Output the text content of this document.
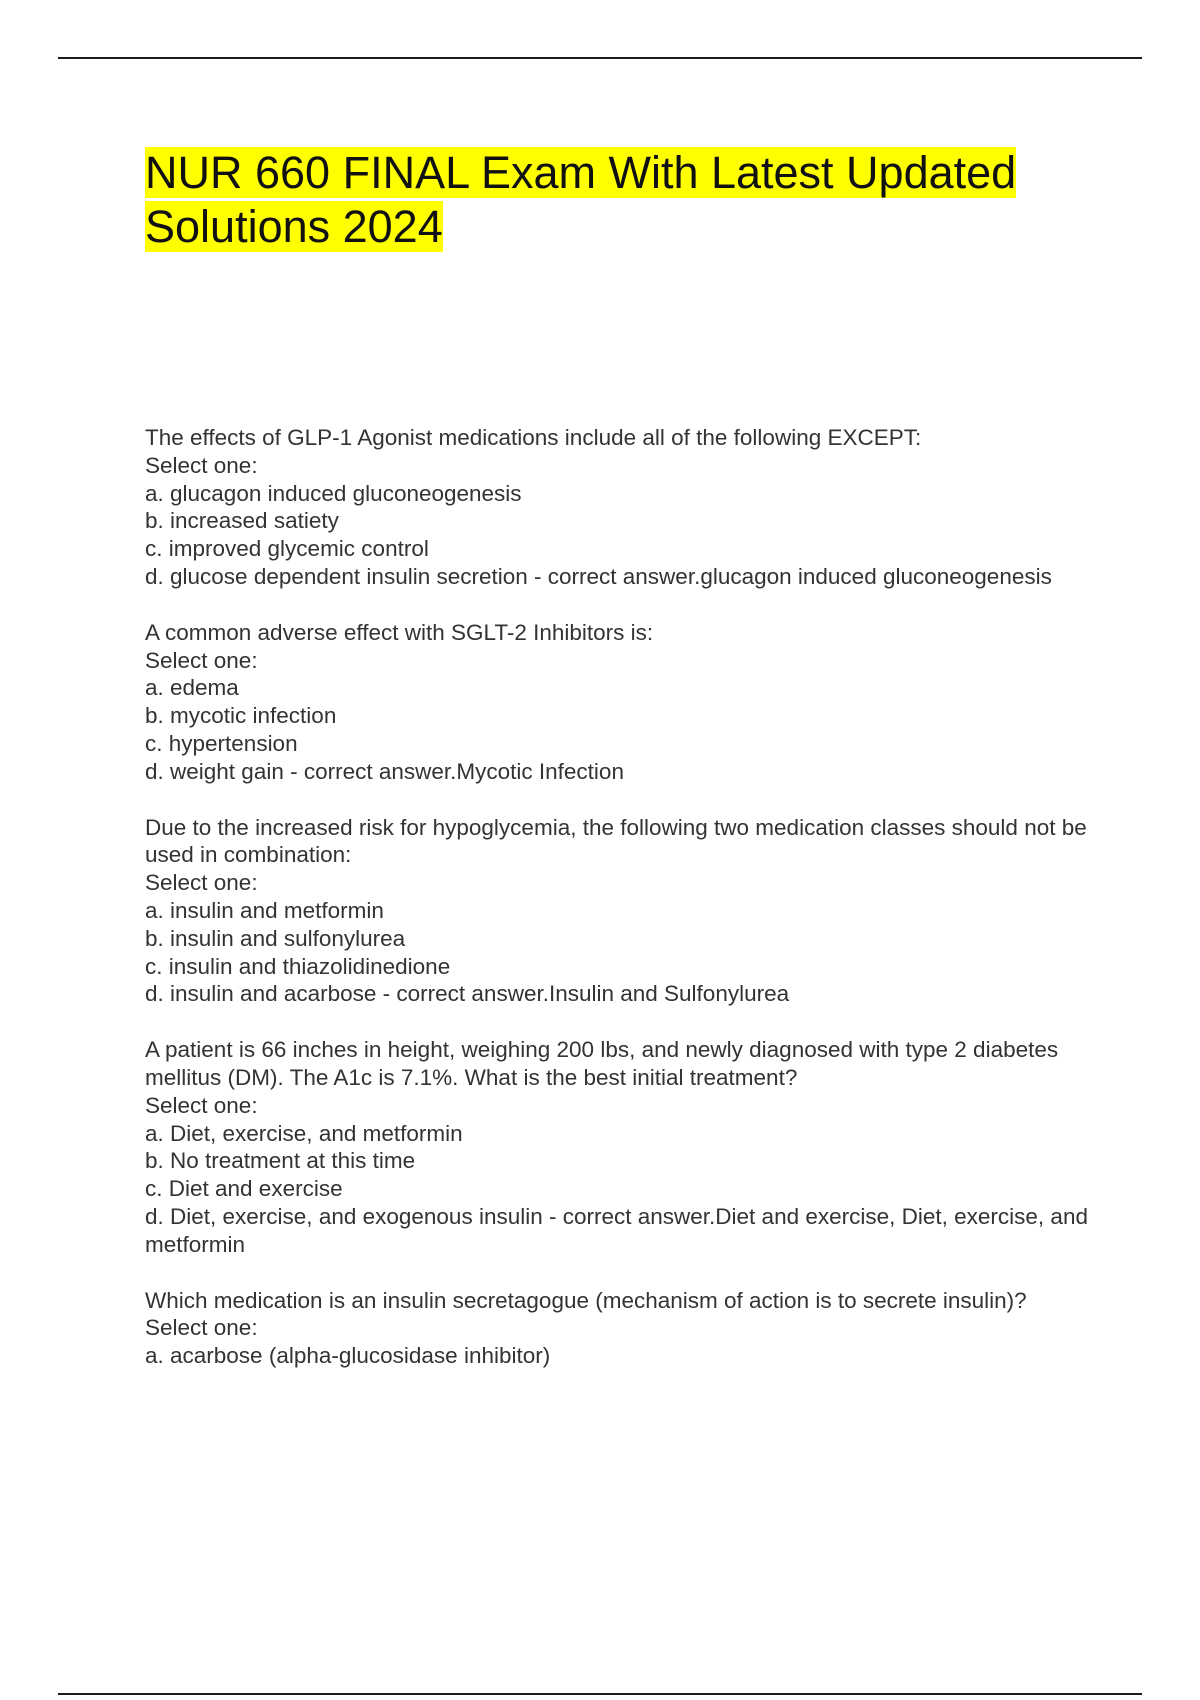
NUR 660 FINAL Exam With Latest Updated Solutions 2024
The effects of GLP-1 Agonist medications include all of the following EXCEPT:
Select one:
a. glucagon induced gluconeogenesis
b. increased satiety
c. improved glycemic control
d. glucose dependent insulin secretion - correct answer.glucagon induced gluconeogenesis
A common adverse effect with SGLT-2 Inhibitors is:
Select one:
a. edema
b. mycotic infection
c. hypertension
d. weight gain - correct answer.Mycotic Infection
Due to the increased risk for hypoglycemia, the following two medication classes should not be used in combination:
Select one:
a. insulin and metformin
b. insulin and sulfonylurea
c. insulin and thiazolidinedione
d. insulin and acarbose - correct answer.Insulin and Sulfonylurea
A patient is 66 inches in height, weighing 200 lbs, and newly diagnosed with type 2 diabetes mellitus (DM). The A1c is 7.1%. What is the best initial treatment?
Select one:
a. Diet, exercise, and metformin
b. No treatment at this time
c. Diet and exercise
d. Diet, exercise, and exogenous insulin - correct answer.Diet and exercise, Diet, exercise, and metformin
Which medication is an insulin secretagogue (mechanism of action is to secrete insulin)?
Select one:
a. acarbose (alpha-glucosidase inhibitor)
